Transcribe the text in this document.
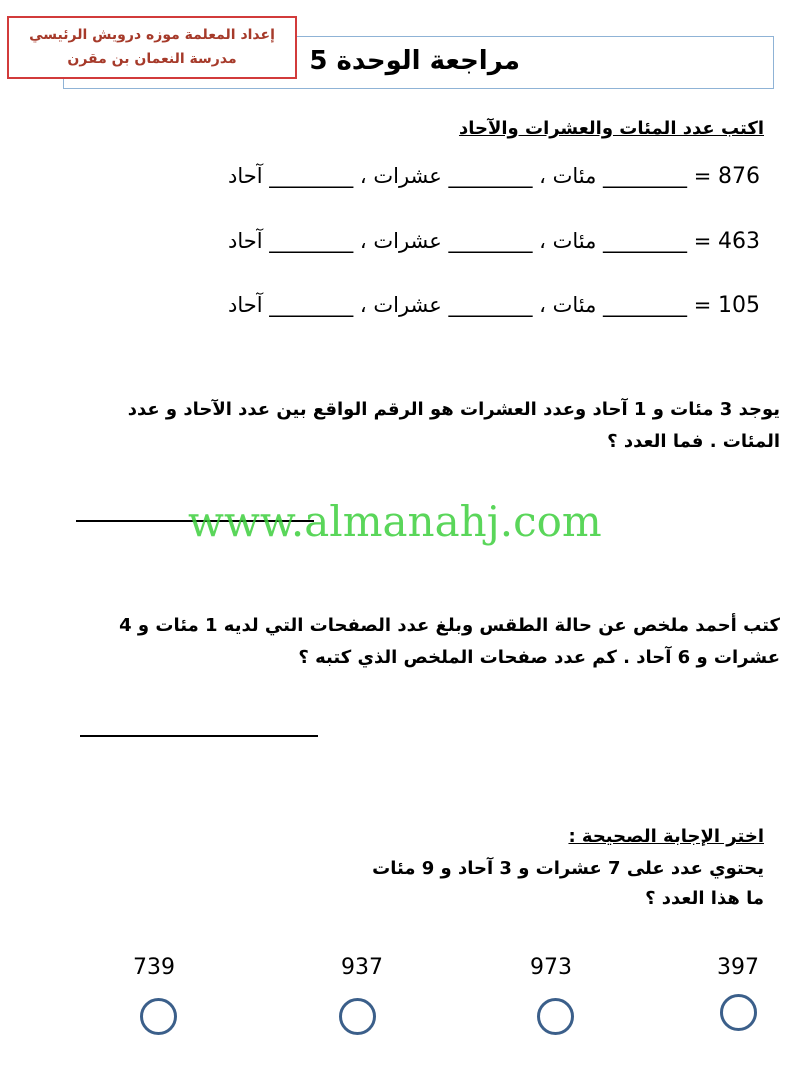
مراجعة الوحدة 5
إعداد المعلمة موزه درويش الرئيسي
مدرسة النعمان بن مقرن
اكتب عدد المئات والعشرات والآحاد
876 = ________ مئات ، ________ عشرات ، ________ آحاد
463 = ________ مئات ، ________ عشرات ، ________ آحاد
105 = ________ مئات ، ________ عشرات ، ________ آحاد
يوجد 3 مئات و 1 آحاد وعدد العشرات هو الرقم الواقع بين عدد الآحاد و عدد المئات . فما العدد ؟
www.almanahj.com
كتب أحمد ملخص عن حالة الطقس وبلغ عدد الصفحات التي لديه 1 مئات و 4 عشرات و 6 آحاد . كم عدد صفحات الملخص الذي كتبه ؟
اختر الإجابة الصحيحة :
يحتوي عدد على 7 عشرات و 3 آحاد و 9 مئات
ما هذا العدد ؟
397
973
937
739
